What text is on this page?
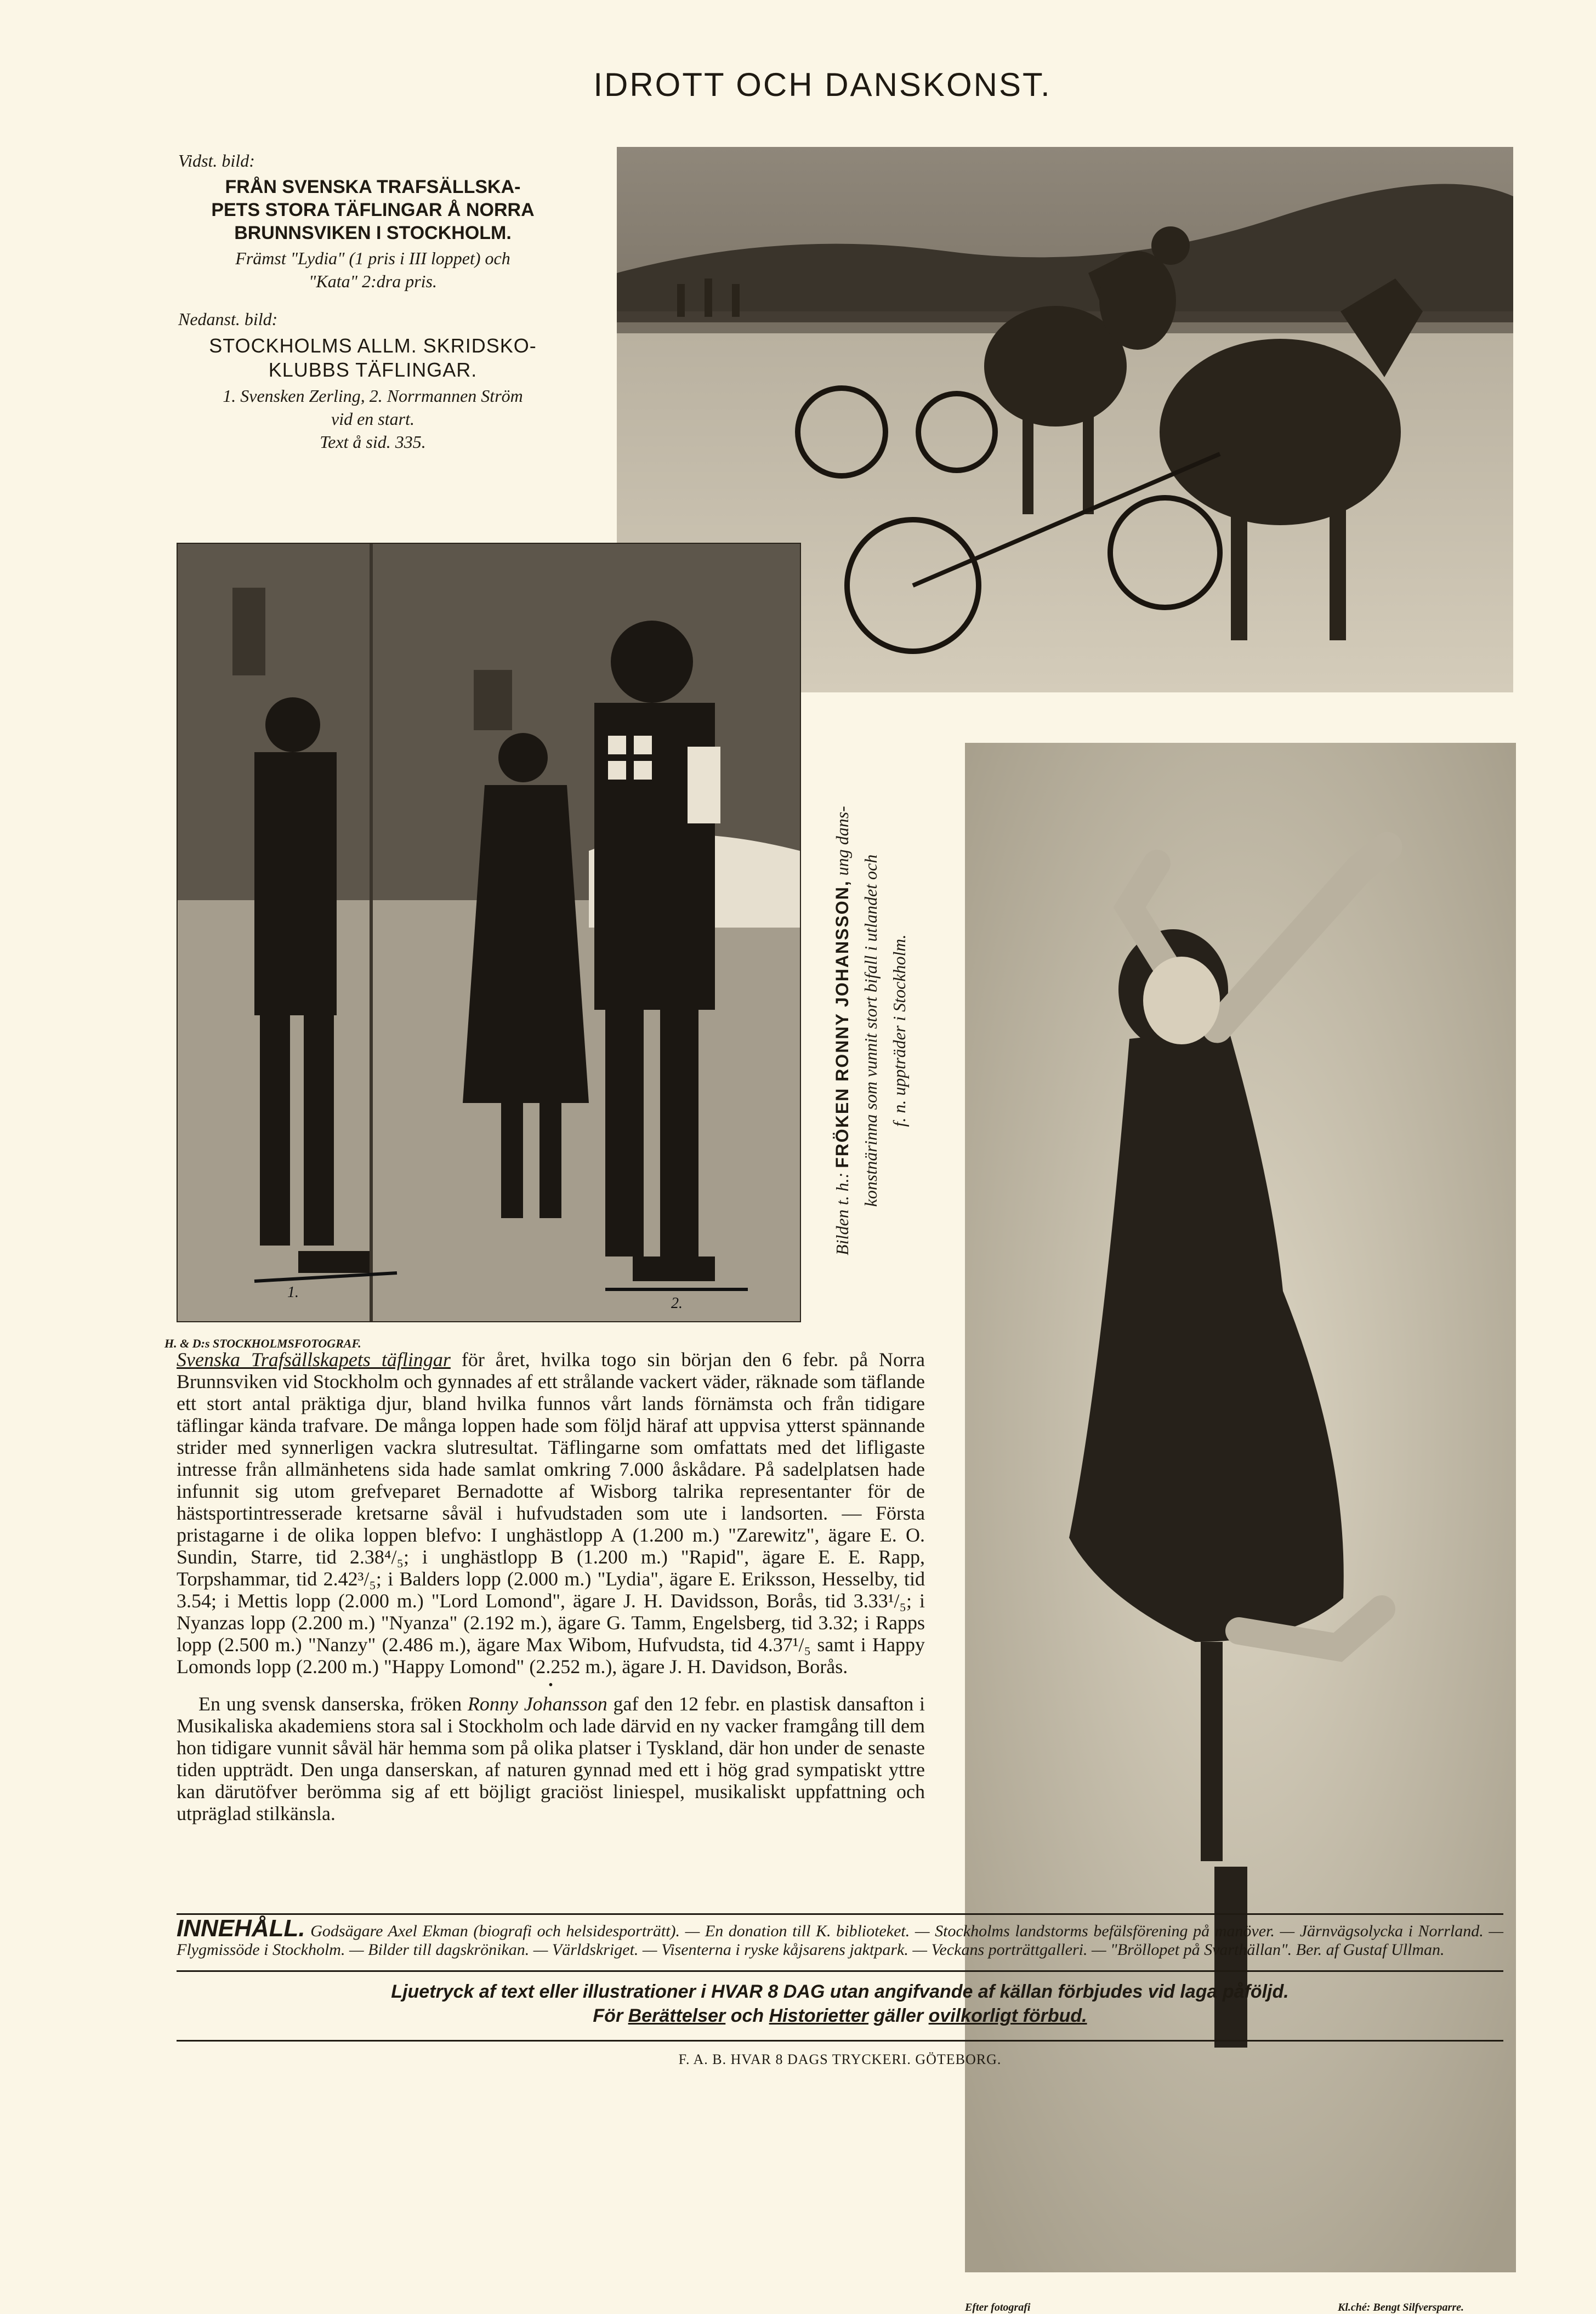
IDROTT OCH DANSKONST.

Vidst. bild:

FRÅN SVENSKA TRAFSÄLLSKA-
PETS STORA TÄFLINGAR Å NORRA
BRUNNSVIKEN I STOCKHOLM.

Främst "Lydia" (1 pris i III loppet) och
"Kata" 2:dra pris.

Nedanst. bild:

STOCKHOLMS ALLM. SKRIDSKO-
KLUBBS TÄFLINGAR.

1. Svensken Zerling, 2. Norrmannen Ström
vid en start.
Text å sid. 335.

1.
2.
H. & D:s STOCKHOLMSFOTOGRAF.
Bilden t. h.: FRÖKEN RONNY JOHANSSON, ung dans-
konstnärinna som vunnit stort bifall i utlandet och f. n. uppträder i Stockholm.
Efter fotografi	Kl.ché: Bengt Silfversparre.

Svenska Trafsällskapets täflingar för året, hvilka togo sin början den 6 febr. på Norra Brunnsviken vid Stockholm och gynnades af ett strålande vackert väder, räknade som täflande ett stort antal präktiga djur, bland hvilka funnos vårt lands förnämsta och från tidigare täflingar kända trafvare. De många loppen hade som följd häraf att uppvisa ytterst spännande strider med synnerligen vackra slutresultat. Täflingarne som omfattats med det lifligaste intresse från allmänhetens sida hade samlat omkring 7.000 åskådare. På sadelplatsen hade infunnit sig utom grefveparet Bernadotte af Wisborg talrika representanter för de hästsportintresserade kretsarne såväl i hufvudstaden som ute i landsorten. — Första pristagarne i de olika loppen blefvo: I unghästlopp A (1.200 m.) "Zarewitz", ägare E. O. Sundin, Starre, tid 2.38⁴/₅; i unghästlopp B (1.200 m.) "Rapid", ägare E. E. Rapp, Torpshammar, tid 2.42³/₅; i Balders lopp (2.000 m.) "Lydia", ägare E. Eriksson, Hesselby, tid 3.54; i Mettis lopp (2.000 m.) "Lord Lomond", ägare J. H. Davidsson, Borås, tid 3.33¹/₅; i Nyanzas lopp (2.200 m.) "Nyanza" (2.192 m.), ägare G. Tamm, Engelsberg, tid 3.32; i Rapps lopp (2.500 m.) "Nanzy" (2.486 m.), ägare Max Wibom, Hufvudsta, tid 4.37¹/₅ samt i Happy Lomonds lopp (2.200 m.) "Happy Lomond" (2.252 m.), ägare J. H. Davidson, Borås.

•

En ung svensk danserska, fröken Ronny Johansson gaf den 12 febr. en plastisk dansafton i Musikaliska akademiens stora sal i Stockholm och lade därvid en ny vacker framgång till dem hon tidigare vunnit såväl här hemma som på olika platser i Tyskland, där hon under de senaste tiden uppträdt. Den unga danserskan, af naturen gynnad med ett i hög grad sympatiskt yttre kan därutöfver berömma sig af ett böjligt graciöst liniespel, musikaliskt uppfattning och utpräglad stilkänsla.

INNEHÅLL. Godsägare Axel Ekman (biografi och helsidesporträtt). — En donation till K. biblioteket. — Stockholms landstorms befälsförening på manöver. — Järnvägsolycka i Norrland. — Flygmissöde i Stockholm. — Bilder till dagskrönikan. — Världskriget. — Visenterna i ryske kåjsarens jaktpark. — Veckans porträttgalleri. — "Bröllopet på Svarthällan". Ber. af Gustaf Ullman.
Ljuetryck af text eller illustrationer i HVAR 8 DAG utan angifvande af källan förbjudes vid laga påföljd.
För Berättelser och Historietter gäller ovilkorligt förbud.
F. A. B. HVAR 8 DAGS TRYCKERI. GÖTEBORG.
